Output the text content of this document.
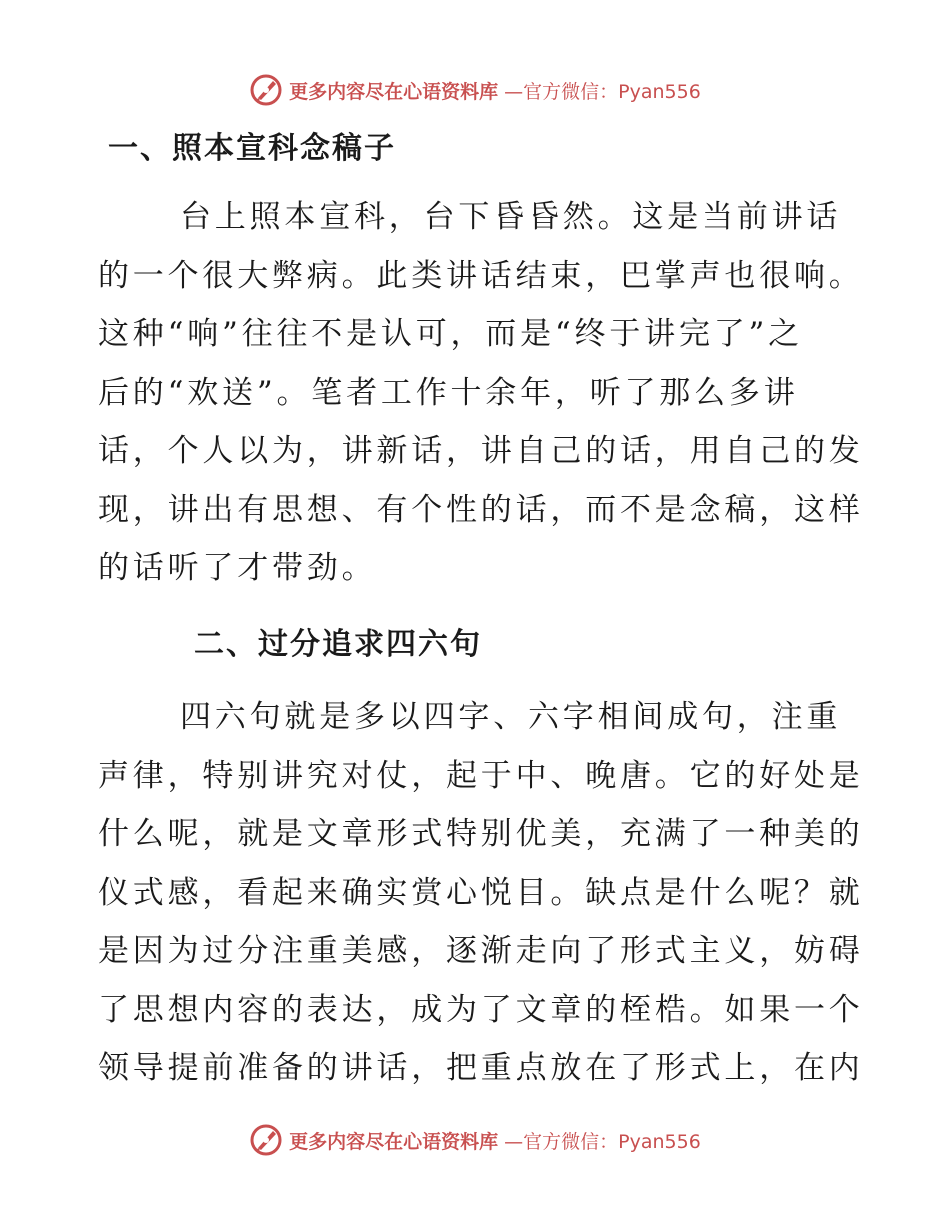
更多内容尽在心语资料库 —官方微信：Pyan556
一、照本宣科念稿子
台上照本宣科，台下昏昏然。这是当前讲话
的一个很大弊病。此类讲话结束，巴掌声也很响。
这种“响”往往不是认可，而是“终于讲完了”之
后的“欢送”。笔者工作十余年，听了那么多讲
话，个人以为，讲新话，讲自己的话，用自己的发
现，讲出有思想、有个性的话，而不是念稿，这样
的话听了才带劲。
二、过分追求四六句
四六句就是多以四字、六字相间成句，注重
声律，特别讲究对仗，起于中、晚唐。它的好处是
什么呢，就是文章形式特别优美，充满了一种美的
仪式感，看起来确实赏心悦目。缺点是什么呢？就
是因为过分注重美感，逐渐走向了形式主义，妨碍
了思想内容的表达，成为了文章的桎梏。如果一个
领导提前准备的讲话，把重点放在了形式上，在内
更多内容尽在心语资料库 —官方微信：Pyan556
